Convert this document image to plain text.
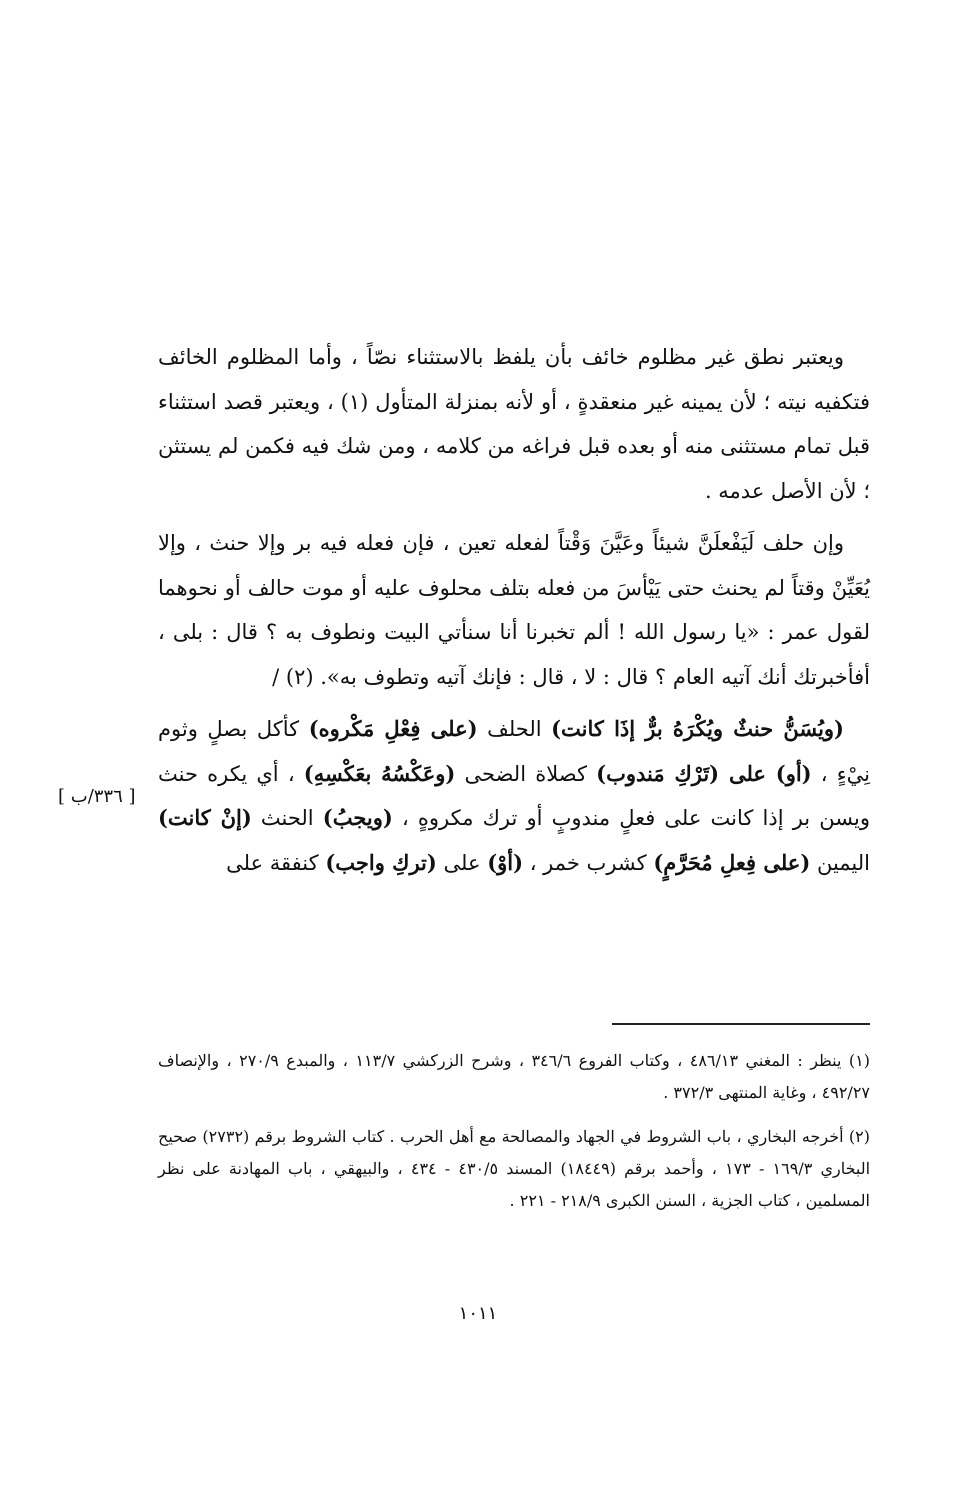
ويعتبر نطق غير مظلوم خائف بأن يلفظ بالاستثناء نصّاً ، وأما المظلوم الخائف فتكفيه نيته ؛ لأن يمينه غير منعقدةٍ ، أو لأنه بمنزلة المتأول (١) ، ويعتبر قصد استثناء قبل تمام مستثنى منه أو بعده قبل فراغه من كلامه ، ومن شك فيه فكمن لم يستثن ؛ لأن الأصل عدمه .

وإن حلف لَيَفْعلَنَّ شيئاً وعَيَّنَ وَقْتاً لفعله تعين ، فإن فعله فيه بر وإلا حنث ، وإلا يُعَيِّنْ وقتاً لم يحنث حتى يَيْأسَ من فعله بتلف محلوف عليه أو موت حالف أو نحوهما لقول عمر : «يا رسول الله ! ألم تخبرنا أنا سنأتي البيت ونطوف به ؟ قال : بلى ، أفأخبرتك أنك آتيه العام ؟ قال : لا ، قال : فإنك آتيه وتطوف به». (٢) /

(ويُسَنُّ حنثٌ ويُكْرَهُ برٌّ إذَا كانت) الحلف (على فِعْلِ مَكْروه) كأكل بصلٍ وثوم نِيْءٍ ، (أو) على (تَرْكِ مَندوب) كصلاة الضحى (وعَكْسُهُ بعَكْسِهِ) ، أي يكره حنث ويسن بر إذا كانت على فعلٍ مندوبٍ أو ترك مكروهٍ ، (ويجبُ) الحنث (إنْ كانت) اليمين (على فِعلِ مُحَرَّمٍ) كشرب خمر ، (أوْ) على (تركِ واجب) كنفقة على

[ ٣٣٦/ب ]

(١) ينظر : المغني ٤٨٦/١٣ ، وكتاب الفروع ٣٤٦/٦ ، وشرح الزركشي ١١٣/٧ ، والمبدع ٢٧٠/٩ ، والإنصاف ٤٩٢/٢٧ ، وغاية المنتهى ٣٧٢/٣ .

(٢) أخرجه البخاري ، باب الشروط في الجهاد والمصالحة مع أهل الحرب . كتاب الشروط برقم (٢٧٣٢) صحيح البخاري ١٦٩/٣ - ١٧٣ ، وأحمد برقم (١٨٤٤٩) المسند ٤٣٠/٥ - ٤٣٤ ، والبيهقي ، باب المهادنة على نظر المسلمين ، كتاب الجزية ، السنن الكبرى ٢١٨/٩ - ٢٢١ .

١٠١١
